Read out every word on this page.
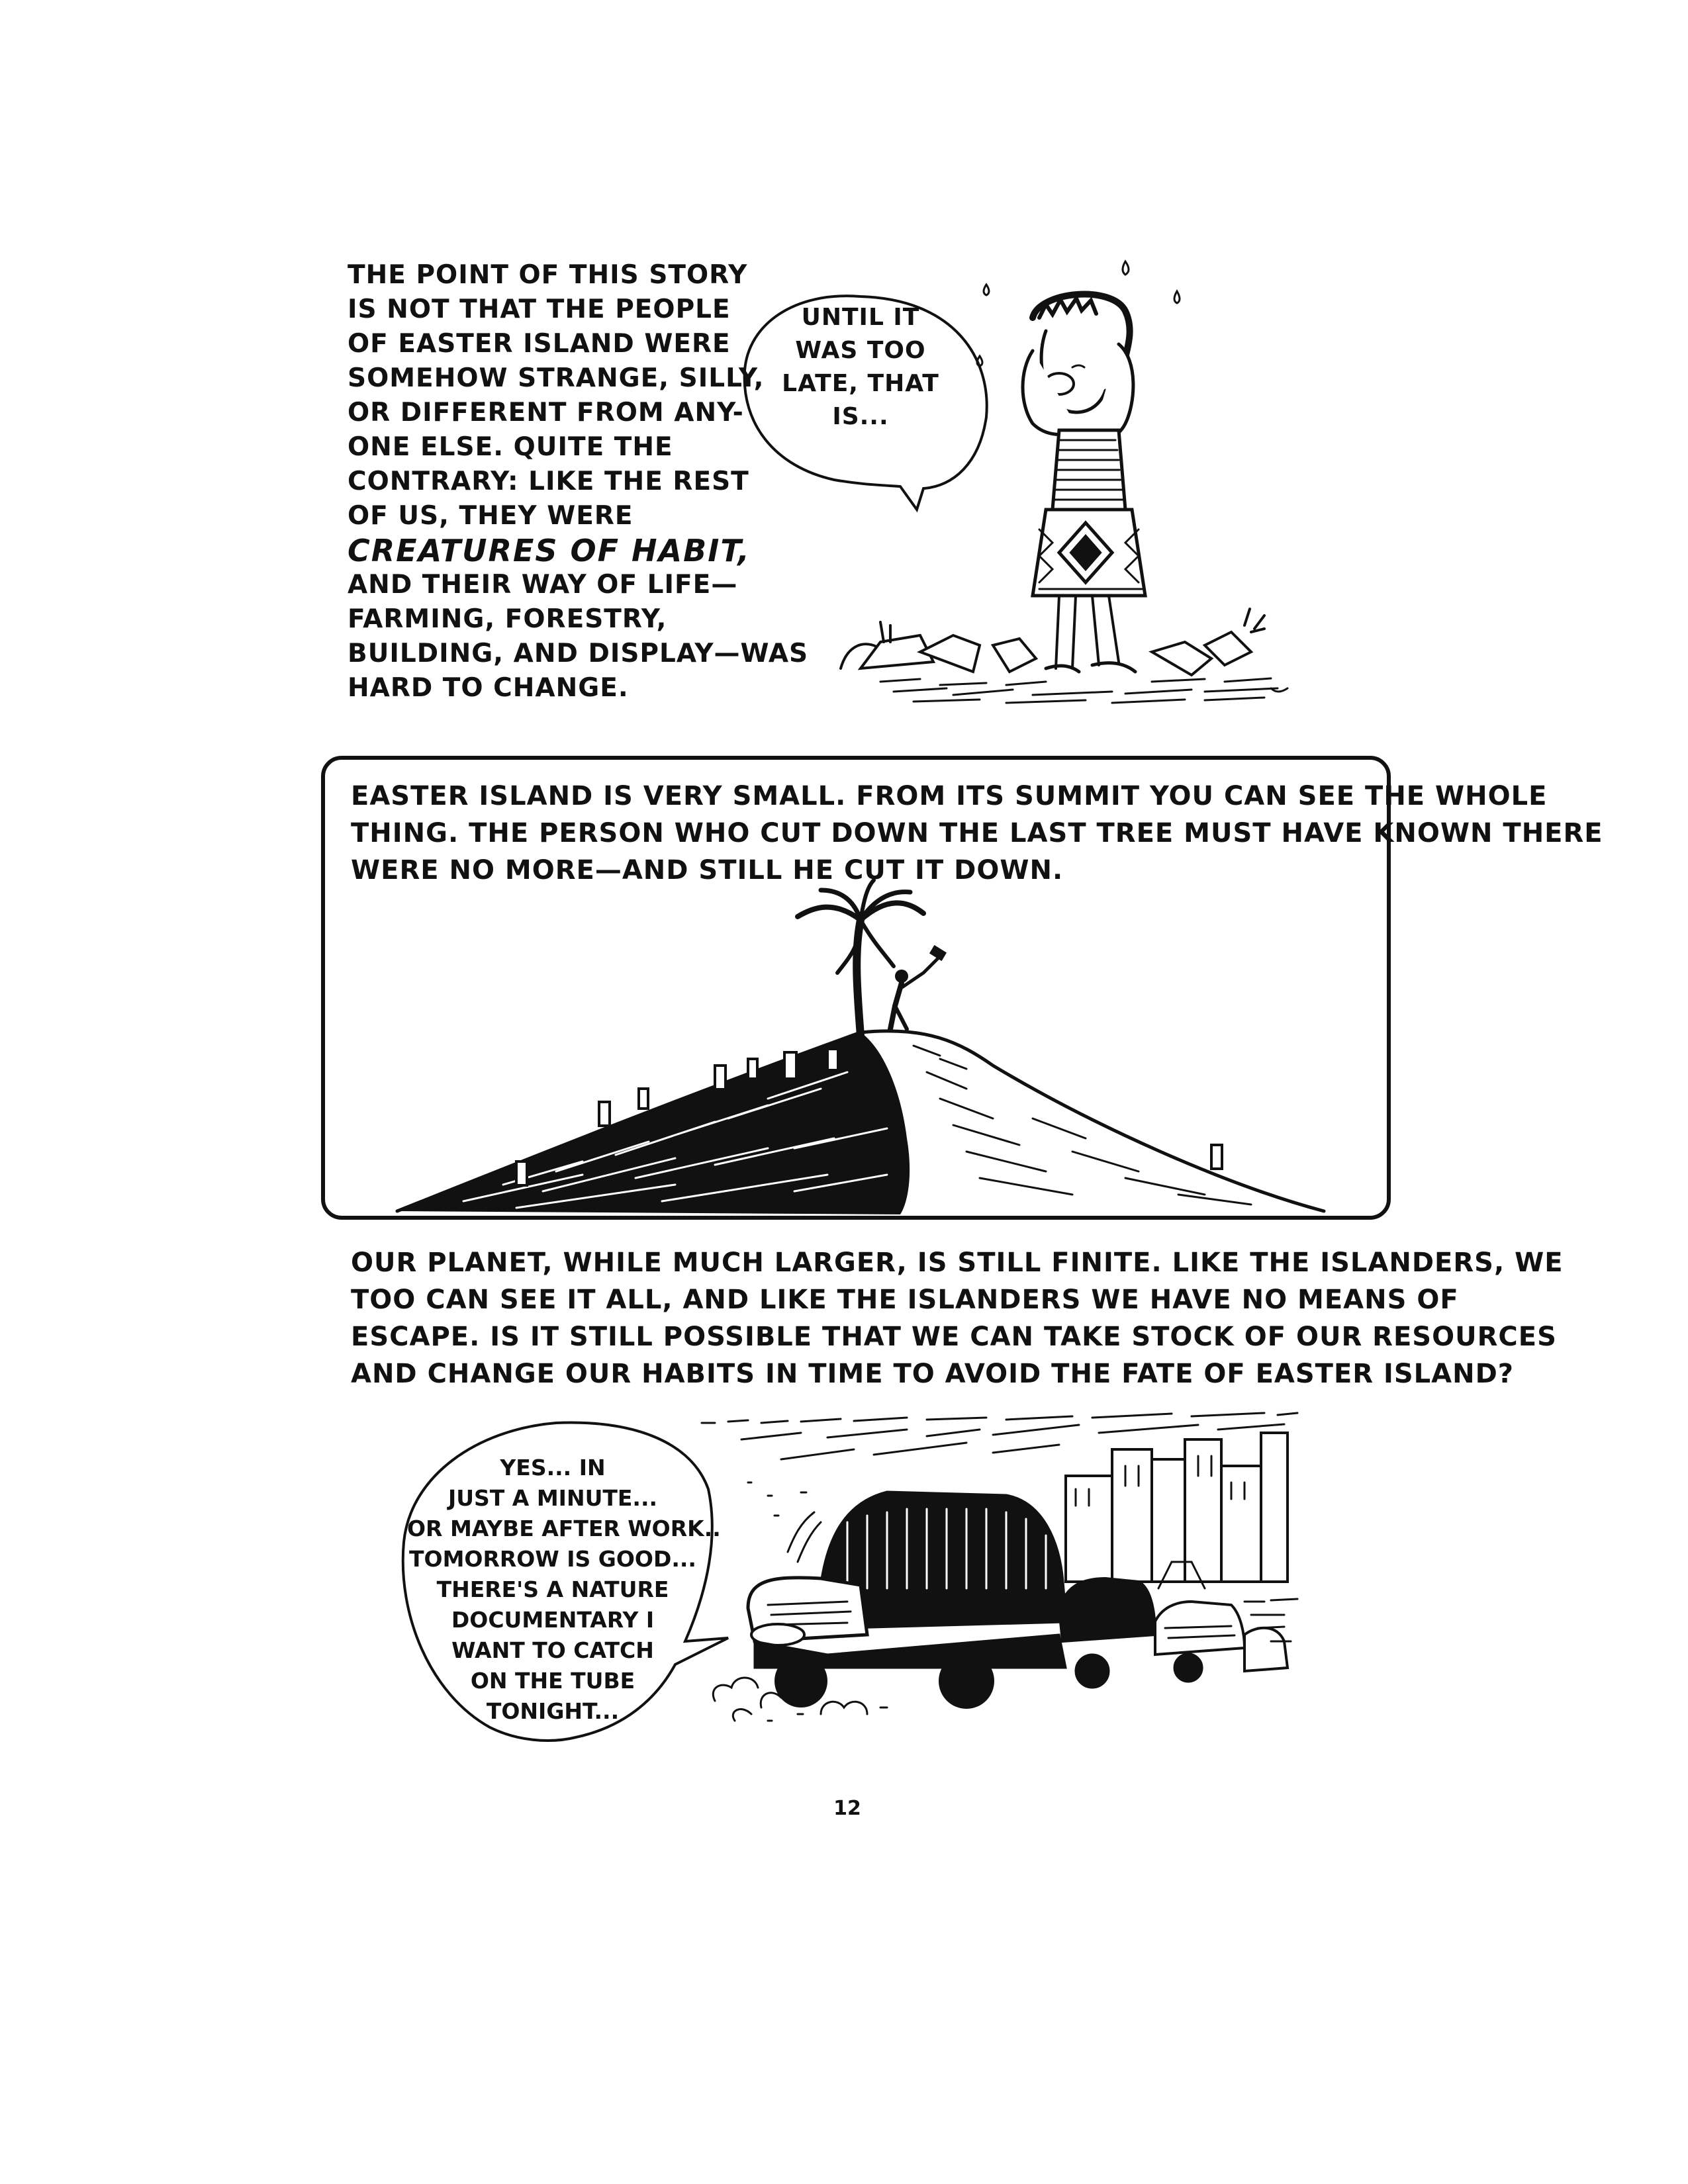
THE POINT OF THIS STORY
IS NOT THAT THE PEOPLE
OF EASTER ISLAND WERE
SOMEHOW STRANGE, SILLY,
OR DIFFERENT FROM ANY-
ONE ELSE. QUITE THE
CONTRARY: LIKE THE REST
OF US, THEY WERE
CREATURES OF HABIT,
AND THEIR WAY OF LIFE—
FARMING, FORESTRY,
BUILDING, AND DISPLAY—WAS
HARD TO CHANGE.
UNTIL IT
WAS TOO
LATE, THAT
IS...
EASTER ISLAND IS VERY SMALL. FROM ITS SUMMIT YOU CAN SEE THE WHOLE
THING. THE PERSON WHO CUT DOWN THE LAST TREE MUST HAVE KNOWN THERE
WERE NO MORE—AND STILL HE CUT IT DOWN.
OUR PLANET, WHILE MUCH LARGER, IS STILL FINITE. LIKE THE ISLANDERS, WE
TOO CAN SEE IT ALL, AND LIKE THE ISLANDERS WE HAVE NO MEANS OF
ESCAPE. IS IT STILL POSSIBLE THAT WE CAN TAKE STOCK OF OUR RESOURCES
AND CHANGE OUR HABITS IN TIME TO AVOID THE FATE OF EASTER ISLAND?
YES... IN
JUST A MINUTE...
OR MAYBE AFTER WORK..
TOMORROW IS GOOD...
THERE'S A NATURE
DOCUMENTARY I
WANT TO CATCH
ON THE TUBE
TONIGHT...
12
